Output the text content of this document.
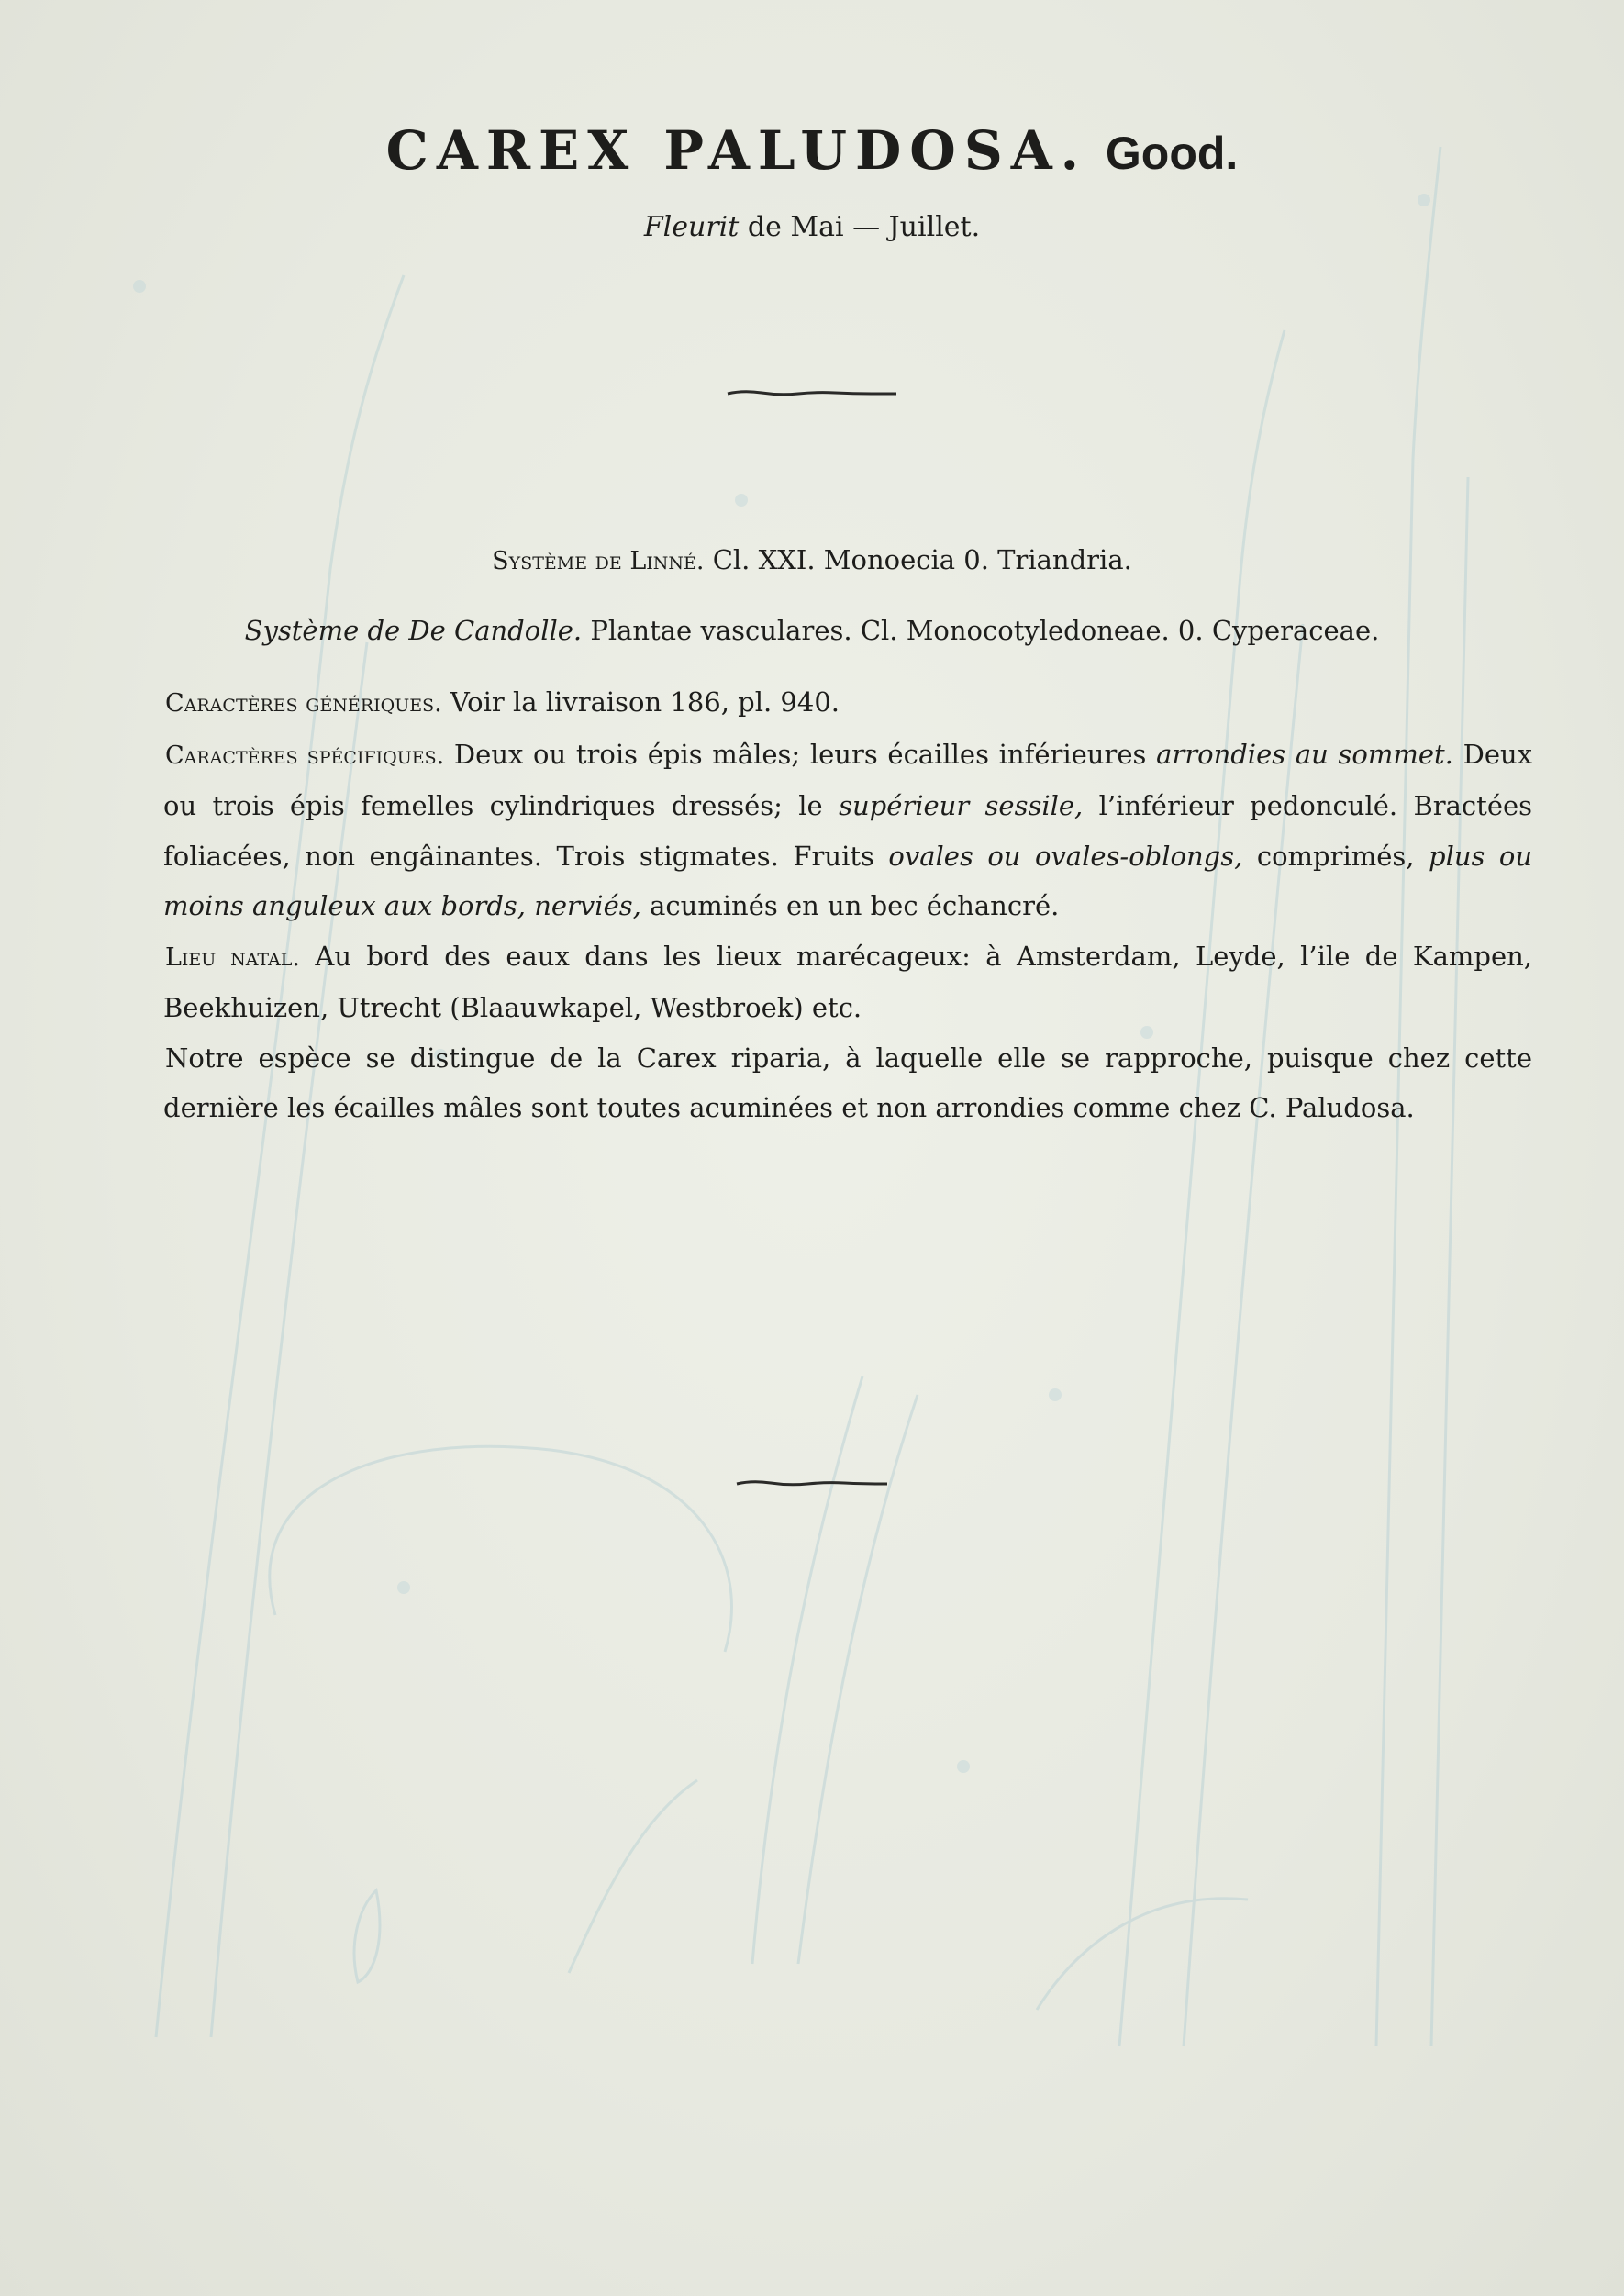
CAREX PALUDOSA. Good.
Fleurit de Mai — Juillet.
Système de Linné. Cl. XXI. Monoecia 0. Triandria.
Système de De Candolle. Plantae vasculares. Cl. Monocotyledoneae. 0. Cyperaceae.

Caractères génériques. Voir la livraison 186, pl. 940.

Caractères spécifiques. Deux ou trois épis mâles; leurs écailles inférieures arrondies au sommet. Deux ou trois épis femelles cylindriques dressés; le supérieur sessile, l’inférieur pedonculé. Bractées foliacées, non engâinantes. Trois stigmates. Fruits ovales ou ovales-oblongs, comprimés, plus ou moins anguleux aux bords, nerviés, acuminés en un bec échancré.

Lieu natal. Au bord des eaux dans les lieux marécageux: à Amsterdam, Leyde, l’ile de Kampen, Beekhuizen, Utrecht (Blaauwkapel, Westbroek) etc.

Notre espèce se distingue de la Carex riparia, à laquelle elle se rapproche, puisque chez cette dernière les écailles mâles sont toutes acuminées et non arrondies comme chez C. Paludosa.
